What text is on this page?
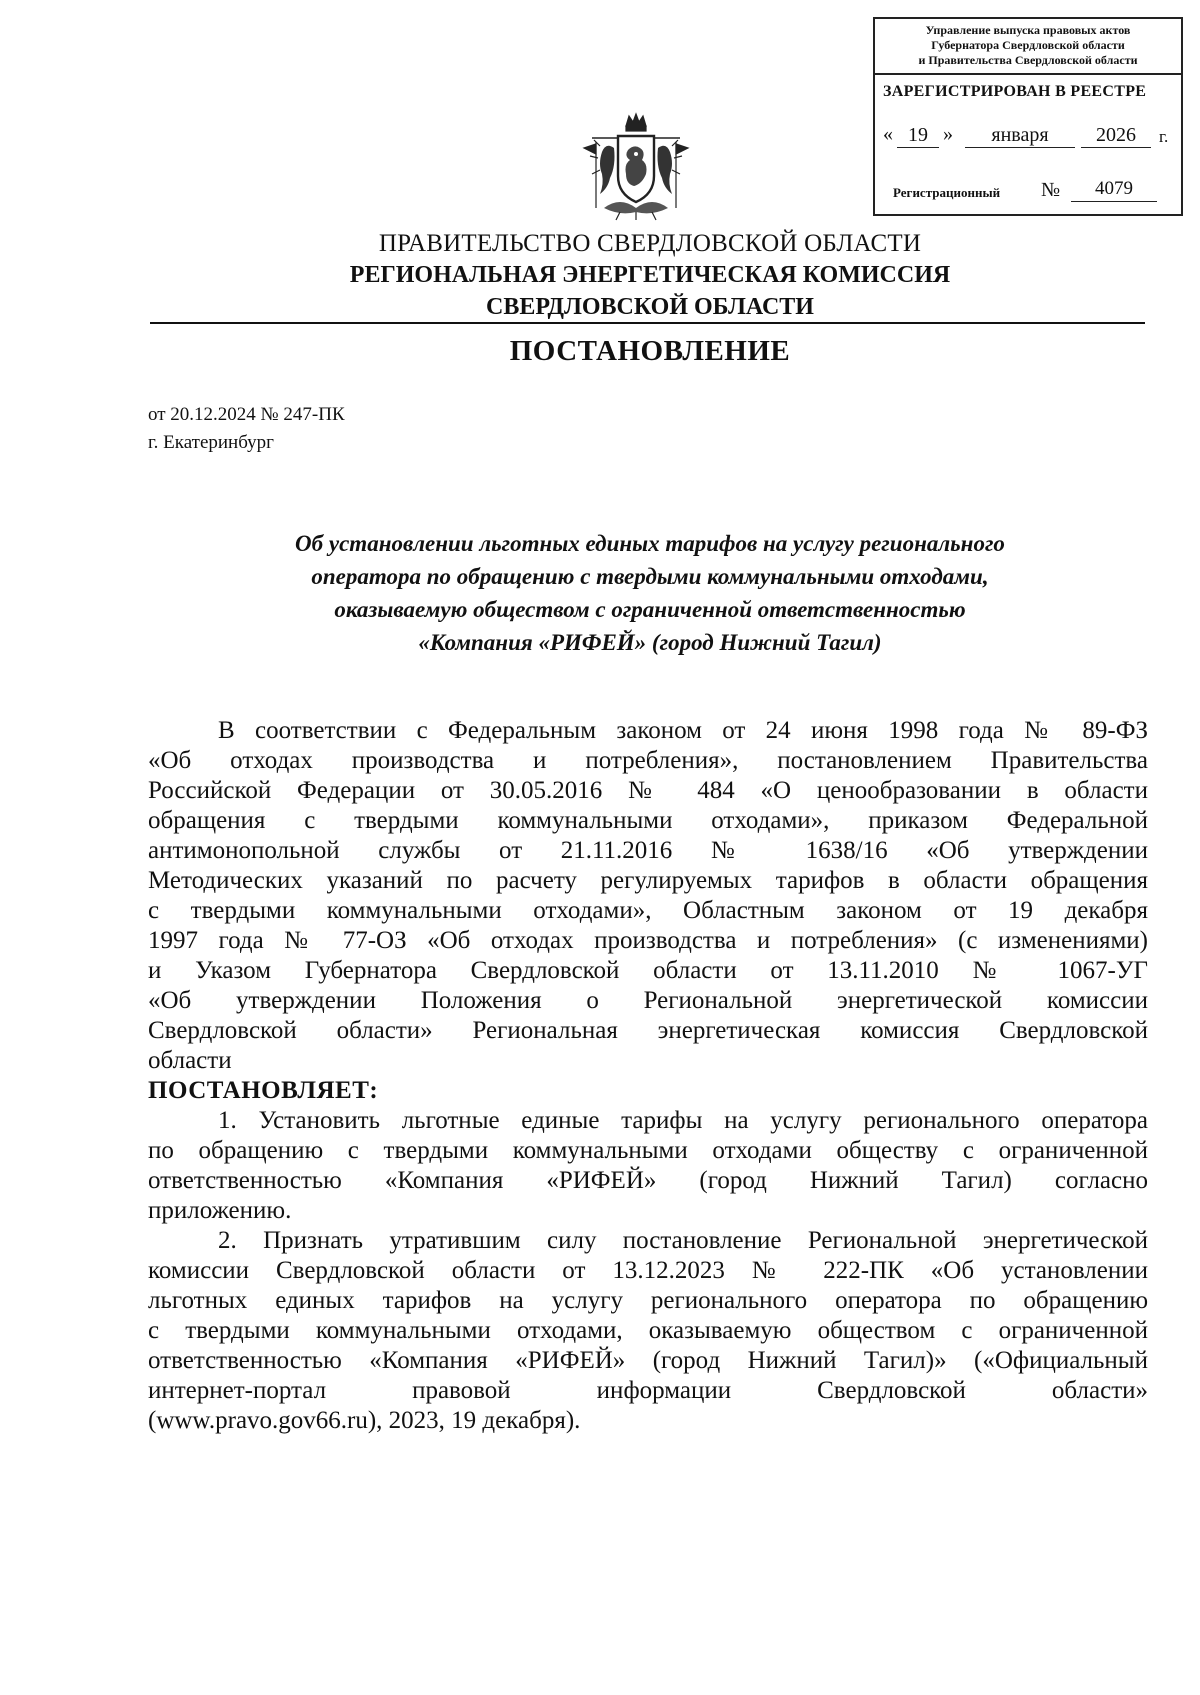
Управление выпуска правовых актов
Губернатора Свердловской области
и Правительства Свердловской области
ЗАРЕГИСТРИРОВАН В РЕЕСТРЕ
« 19 »	января	2026	г.
Регистрационный №	4079
ПРАВИТЕЛЬСТВО СВЕРДЛОВСКОЙ ОБЛАСТИ
РЕГИОНАЛЬНАЯ ЭНЕРГЕТИЧЕСКАЯ КОМИССИЯ
СВЕРДЛОВСКОЙ ОБЛАСТИ
ПОСТАНОВЛЕНИЕ
от 20.12.2024 № 247-ПК
г. Екатеринбург
Об установлении льготных единых тарифов на услугу регионального
оператора по обращению с твердыми коммунальными отходами,
оказываемую обществом с ограниченной ответственностью
«Компания «РИФЕЙ» (город Нижний Тагил)
В соответствии с Федеральным законом от 24 июня 1998 года № 89-ФЗ
«Об отходах производства и потребления», постановлением Правительства
Российской Федерации от 30.05.2016 № 484 «О ценообразовании в области
обращения с твердыми коммунальными отходами», приказом Федеральной
антимонопольной службы от 21.11.2016 № 1638/16 «Об утверждении
Методических указаний по расчету регулируемых тарифов в области обращения
с твердыми коммунальными отходами», Областным законом от 19 декабря
1997 года № 77-ОЗ «Об отходах производства и потребления» (с изменениями)
и Указом Губернатора Свердловской области от 13.11.2010 № 1067-УГ
«Об утверждении Положения о Региональной энергетической комиссии
Свердловской области» Региональная энергетическая комиссия Свердловской
области
ПОСТАНОВЛЯЕТ:
1. Установить льготные единые тарифы на услугу регионального оператора
по обращению с твердыми коммунальными отходами обществу с ограниченной
ответственностью «Компания «РИФЕЙ» (город Нижний Тагил) согласно
приложению.
2. Признать утратившим силу постановление Региональной энергетической
комиссии Свердловской области от 13.12.2023 № 222-ПК «Об установлении
льготных единых тарифов на услугу регионального оператора по обращению
с твердыми коммунальными отходами, оказываемую обществом с ограниченной
ответственностью «Компания «РИФЕЙ» (город Нижний Тагил)» («Официальный
интернет-портал правовой информации Свердловской области»
(www.pravo.gov66.ru), 2023, 19 декабря).
